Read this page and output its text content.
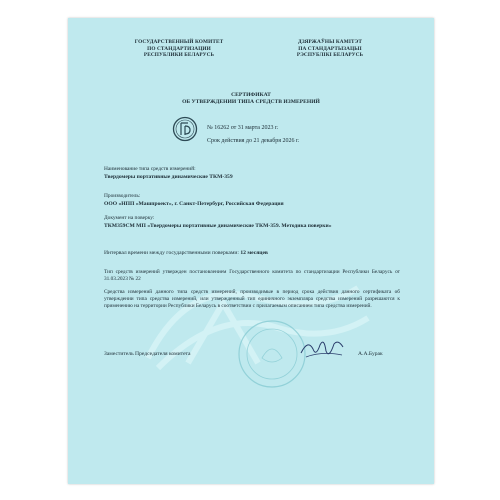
ГОСУДАРСТВЕННЫЙ КОМИТЕТ
ПО СТАНДАРТИЗАЦИИ
РЕСПУБЛИКИ БЕЛАРУСЬ
ДЗЯРЖАЎНЫ КАМІТЭТ
ПА СТАНДАРТЫЗАЦЫІ
РЭСПУБЛІКІ БЕЛАРУСЬ
СЕРТИФИКАТ
ОБ УТВЕРЖДЕНИИ ТИПА СРЕДСТВ ИЗМЕРЕНИЙ
№ 16262 от 31 марта 2023 г.
Срок действия до 21 декабря 2026 г.
Наименование типа средств измерений:
Твердомеры портативные динамические ТКМ-359
Производитель:
ООО «НПП «Машпроект», г. Санкт-Петербург, Российская Федерация
Документ на поверку:
ТКМ359СМ МП «Твердомеры портативные динамические ТКМ-359. Методика поверки»
Интервал времени между государственными поверками: 12 месяцев
Тип средств измерений утвержден постановлением Государственного комитета по стандартизации Республики Беларусь от 31.03.2023 № 22
Средства измерений данного типа средств измерений, производимые в период срока действия данного сертификата об утверждении типа средства измерений, или утвержденный тип единичного экземпляра средства измерений разрешаются к применению на территории Республики Беларусь в соответствии с прилагаемым описанием типа средства измерений.
Заместитель Председателя комитета	А.А.Бурак
